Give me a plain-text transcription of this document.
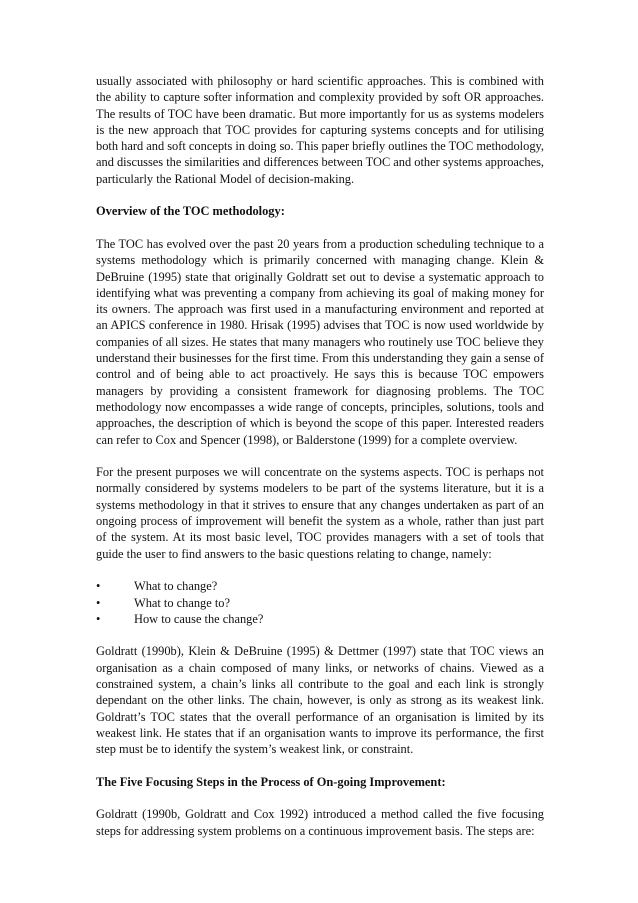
usually associated with philosophy or hard scientific approaches. This is combined with the ability to capture softer information and complexity provided by soft OR approaches. The results of TOC have been dramatic. But more importantly for us as systems modelers is the new approach that TOC provides for capturing systems concepts and for utilising both hard and soft concepts in doing so. This paper briefly outlines the TOC methodology, and discusses the similarities and differences between TOC and other systems approaches, particularly the Rational Model of decision-making.

Overview of the TOC methodology:

The TOC has evolved over the past 20 years from a production scheduling technique to a systems methodology which is primarily concerned with managing change. Klein & DeBruine (1995) state that originally Goldratt set out to devise a systematic approach to identifying what was preventing a company from achieving its goal of making money for its owners. The approach was first used in a manufacturing environment and reported at an APICS conference in 1980. Hrisak (1995) advises that TOC is now used worldwide by companies of all sizes. He states that many managers who routinely use TOC believe they understand their businesses for the first time. From this understanding they gain a sense of control and of being able to act proactively. He says this is because TOC empowers managers by providing a consistent framework for diagnosing problems. The TOC methodology now encompasses a wide range of concepts, principles, solutions, tools and approaches, the description of which is beyond the scope of this paper. Interested readers can refer to Cox and Spencer (1998), or Balderstone (1999) for a complete overview.

For the present purposes we will concentrate on the systems aspects. TOC is perhaps not normally considered by systems modelers to be part of the systems literature, but it is a systems methodology in that it strives to ensure that any changes undertaken as part of an ongoing process of improvement will benefit the system as a whole, rather than just part of the system. At its most basic level, TOC provides managers with a set of tools that guide the user to find answers to the basic questions relating to change, namely:

•	What to change?
•	What to change to?
•	How to cause the change?

Goldratt (1990b), Klein & DeBruine (1995) & Dettmer (1997) state that TOC views an organisation as a chain composed of many links, or networks of chains. Viewed as a constrained system, a chain’s links all contribute to the goal and each link is strongly dependant on the other links. The chain, however, is only as strong as its weakest link. Goldratt’s TOC states that the overall performance of an organisation is limited by its weakest link. He states that if an organisation wants to improve its performance, the first step must be to identify the system’s weakest link, or constraint.

The Five Focusing Steps in the Process of On-going Improvement:

Goldratt (1990b, Goldratt and Cox 1992) introduced a method called the five focusing steps for addressing system problems on a continuous improvement basis. The steps are:
